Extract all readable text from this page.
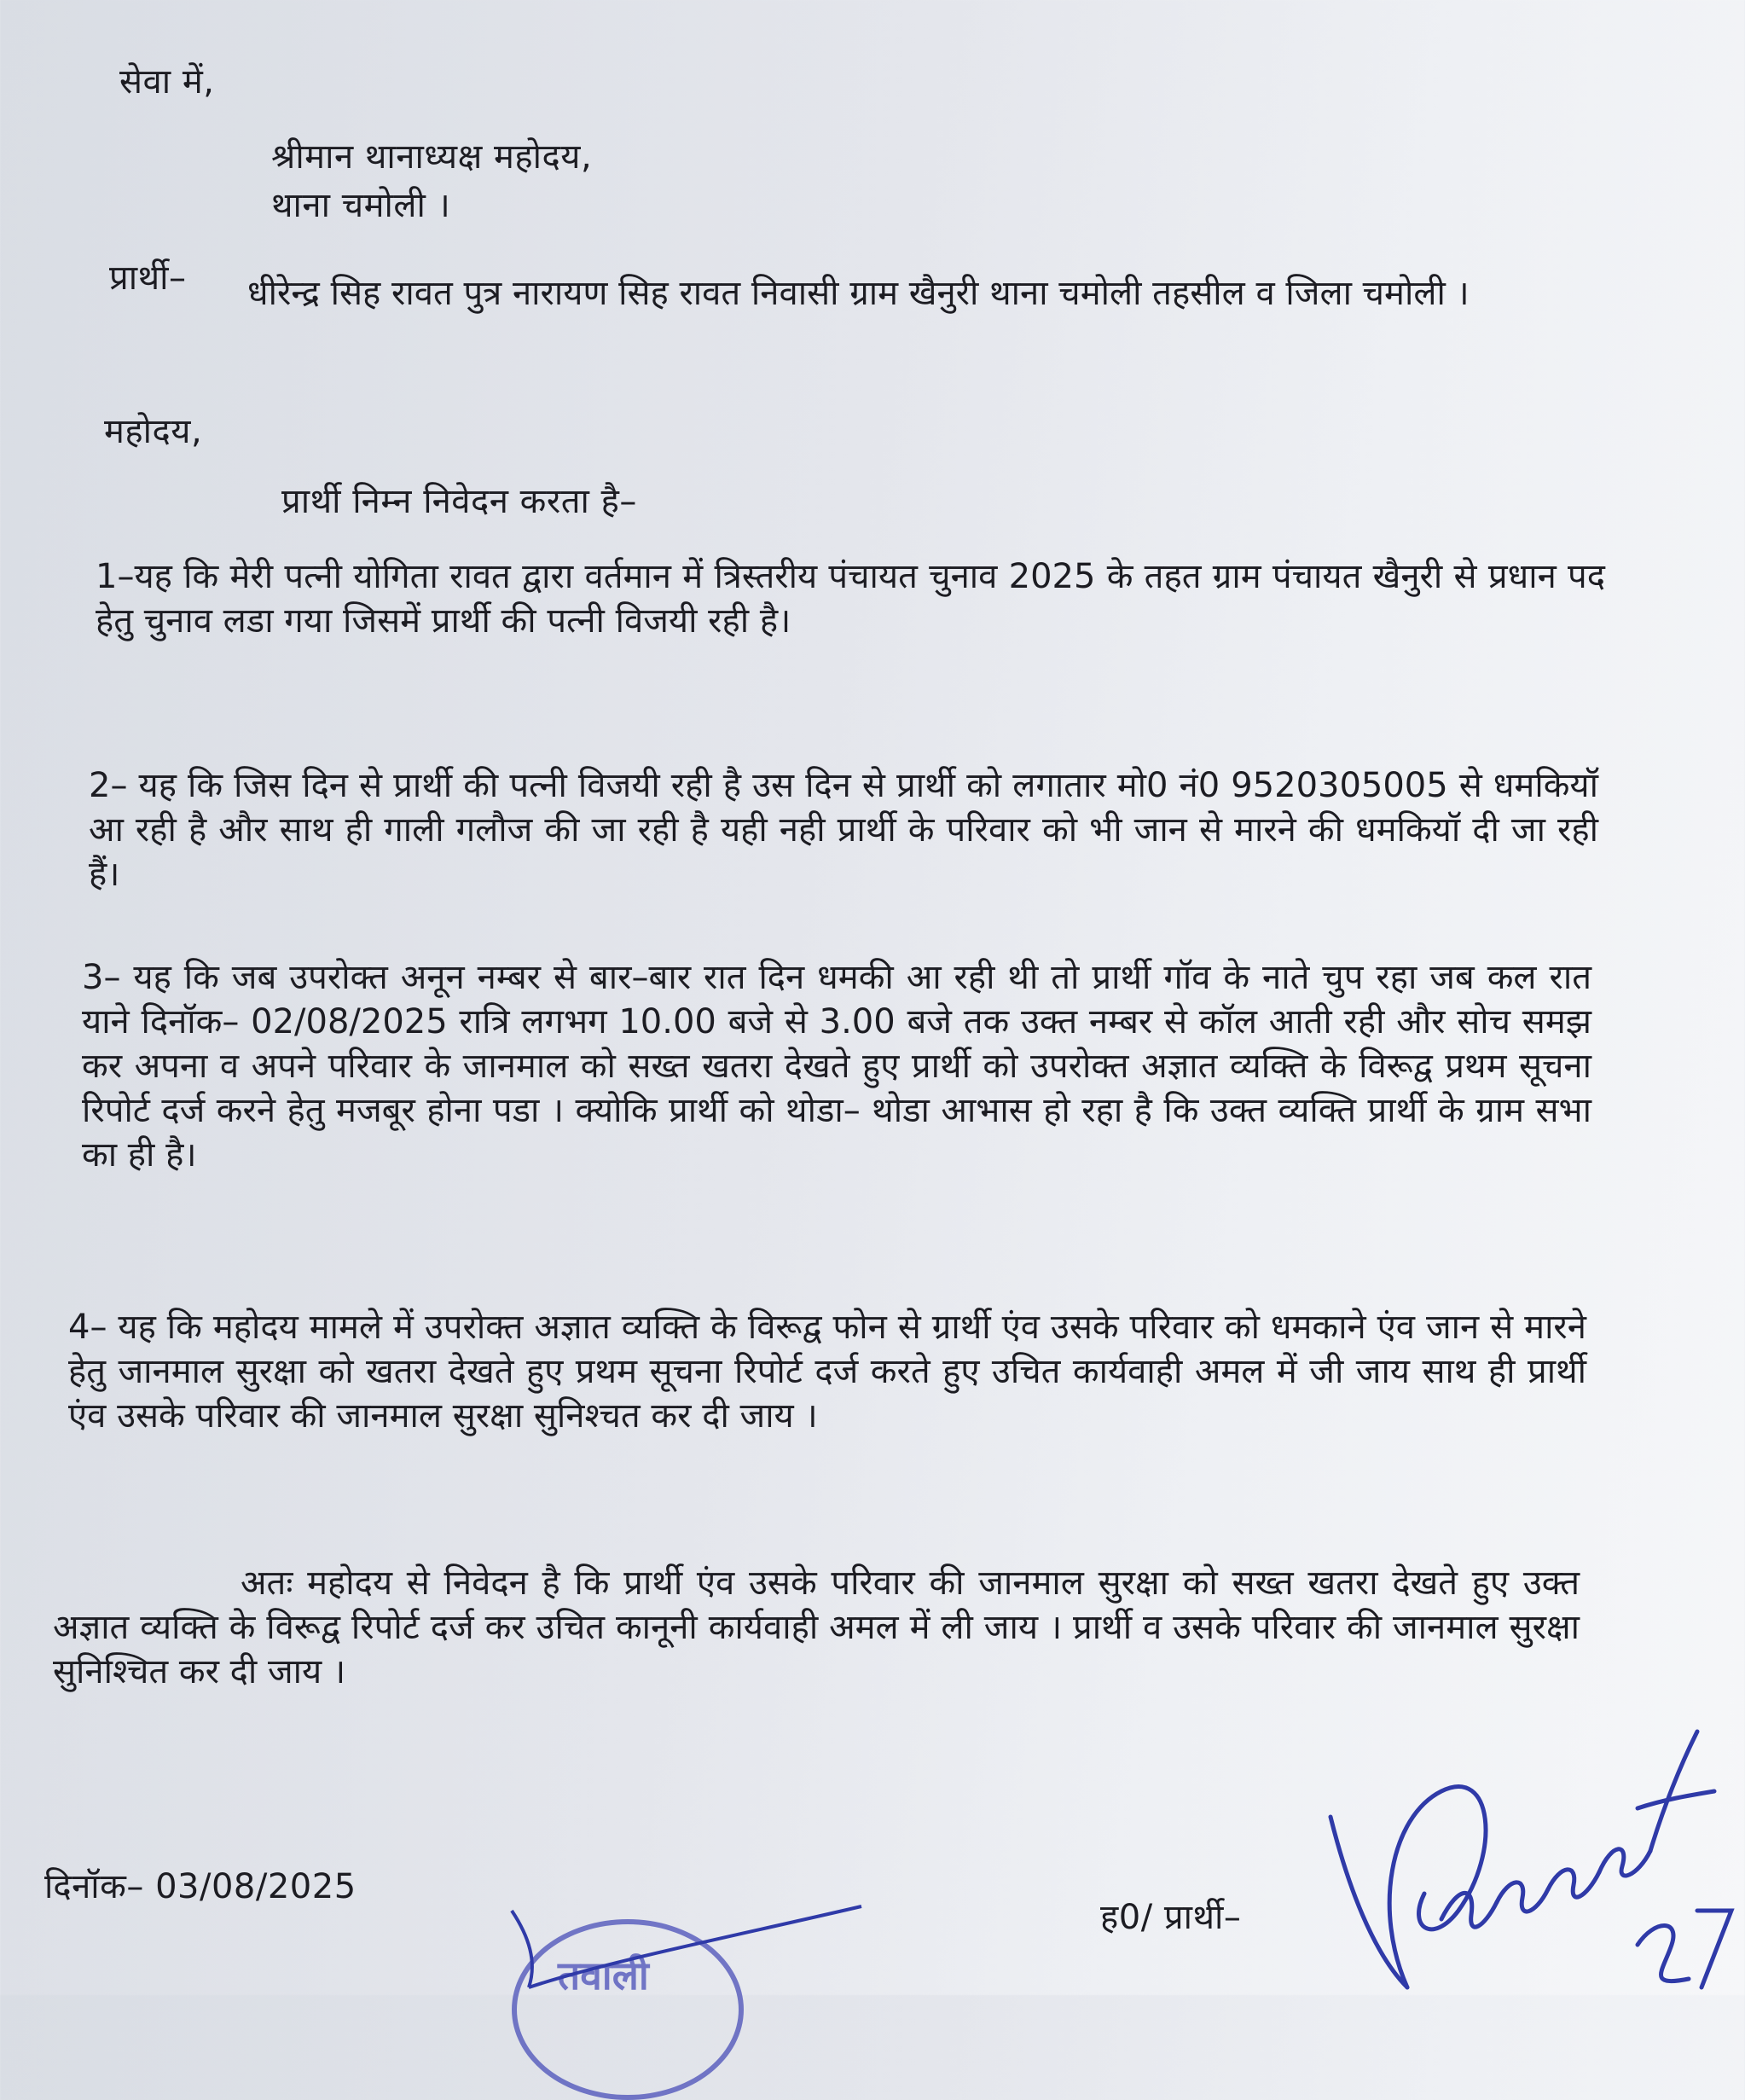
सेवा में,
श्रीमान थानाध्यक्ष महोदय,
थाना चमोली ।
प्रार्थी– धीरेन्द्र सिह रावत पुत्र नारायण सिह रावत निवासी ग्राम खैनुरी थाना चमोली तहसील व जिला चमोली ।
महोदय,
प्रार्थी निम्न निवेदन करता है–
1–यह कि मेरी पत्नी योगिता रावत द्वारा वर्तमान में त्रिस्तरीय पंचायत चुनाव 2025 के तहत ग्राम पंचायत खैनुरी से प्रधान पद हेतु चुनाव लडा गया जिसमें प्रार्थी की पत्नी विजयी रही है।
2– यह कि जिस दिन से प्रार्थी की पत्नी विजयी रही है उस दिन से प्रार्थी को लगातार मो0 नं0 9520305005 से धमकियॉ आ रही है और साथ ही गाली गलौज की जा रही है यही नही प्रार्थी के परिवार को भी जान से मारने की धमकियॉ दी जा रही हैं।
3– यह कि जब उपरोक्त अनून नम्बर से बार–बार रात दिन धमकी आ रही थी तो प्रार्थी गॉव के नाते चुप रहा जब कल रात याने दिनॉक– 02/08/2025 रात्रि लगभग 10.00 बजे से 3.00 बजे तक उक्त नम्बर से कॉल आती रही और सोच समझ कर अपना व अपने परिवार के जानमाल को सख्त खतरा देखते हुए प्रार्थी को उपरोक्त अज्ञात व्यक्ति के विरूद्व प्रथम सूचना रिपोर्ट दर्ज करने हेतु मजबूर होना पडा । क्योकि प्रार्थी को थोडा– थोडा आभास हो रहा है कि उक्त व्यक्ति प्रार्थी के ग्राम सभा का ही है।
4– यह कि महोदय मामले में उपरोक्त अज्ञात व्यक्ति के विरूद्व फोन से ग्रार्थी एंव उसके परिवार को धमकाने एंव जान से मारने हेतु जानमाल सुरक्षा को खतरा देखते हुए प्रथम सूचना रिपोर्ट दर्ज करते हुए उचित कार्यवाही अमल में जी जाय साथ ही प्रार्थी एंव उसके परिवार की जानमाल सुरक्षा सुनिश्चत कर दी जाय ।
अतः महोदय से निवेदन है कि प्रार्थी एंव उसके परिवार की जानमाल सुरक्षा को सख्त खतरा देखते हुए उक्त अज्ञात व्यक्ति के विरूद्व रिपोर्ट दर्ज कर उचित कानूनी कार्यवाही अमल में ली जाय । प्रार्थी व उसके परिवार की जानमाल सुरक्षा सुनिश्चित कर दी जाय ।
दिनॉक– 03/08/2025
ह0/ प्रार्थी–
तवाली
